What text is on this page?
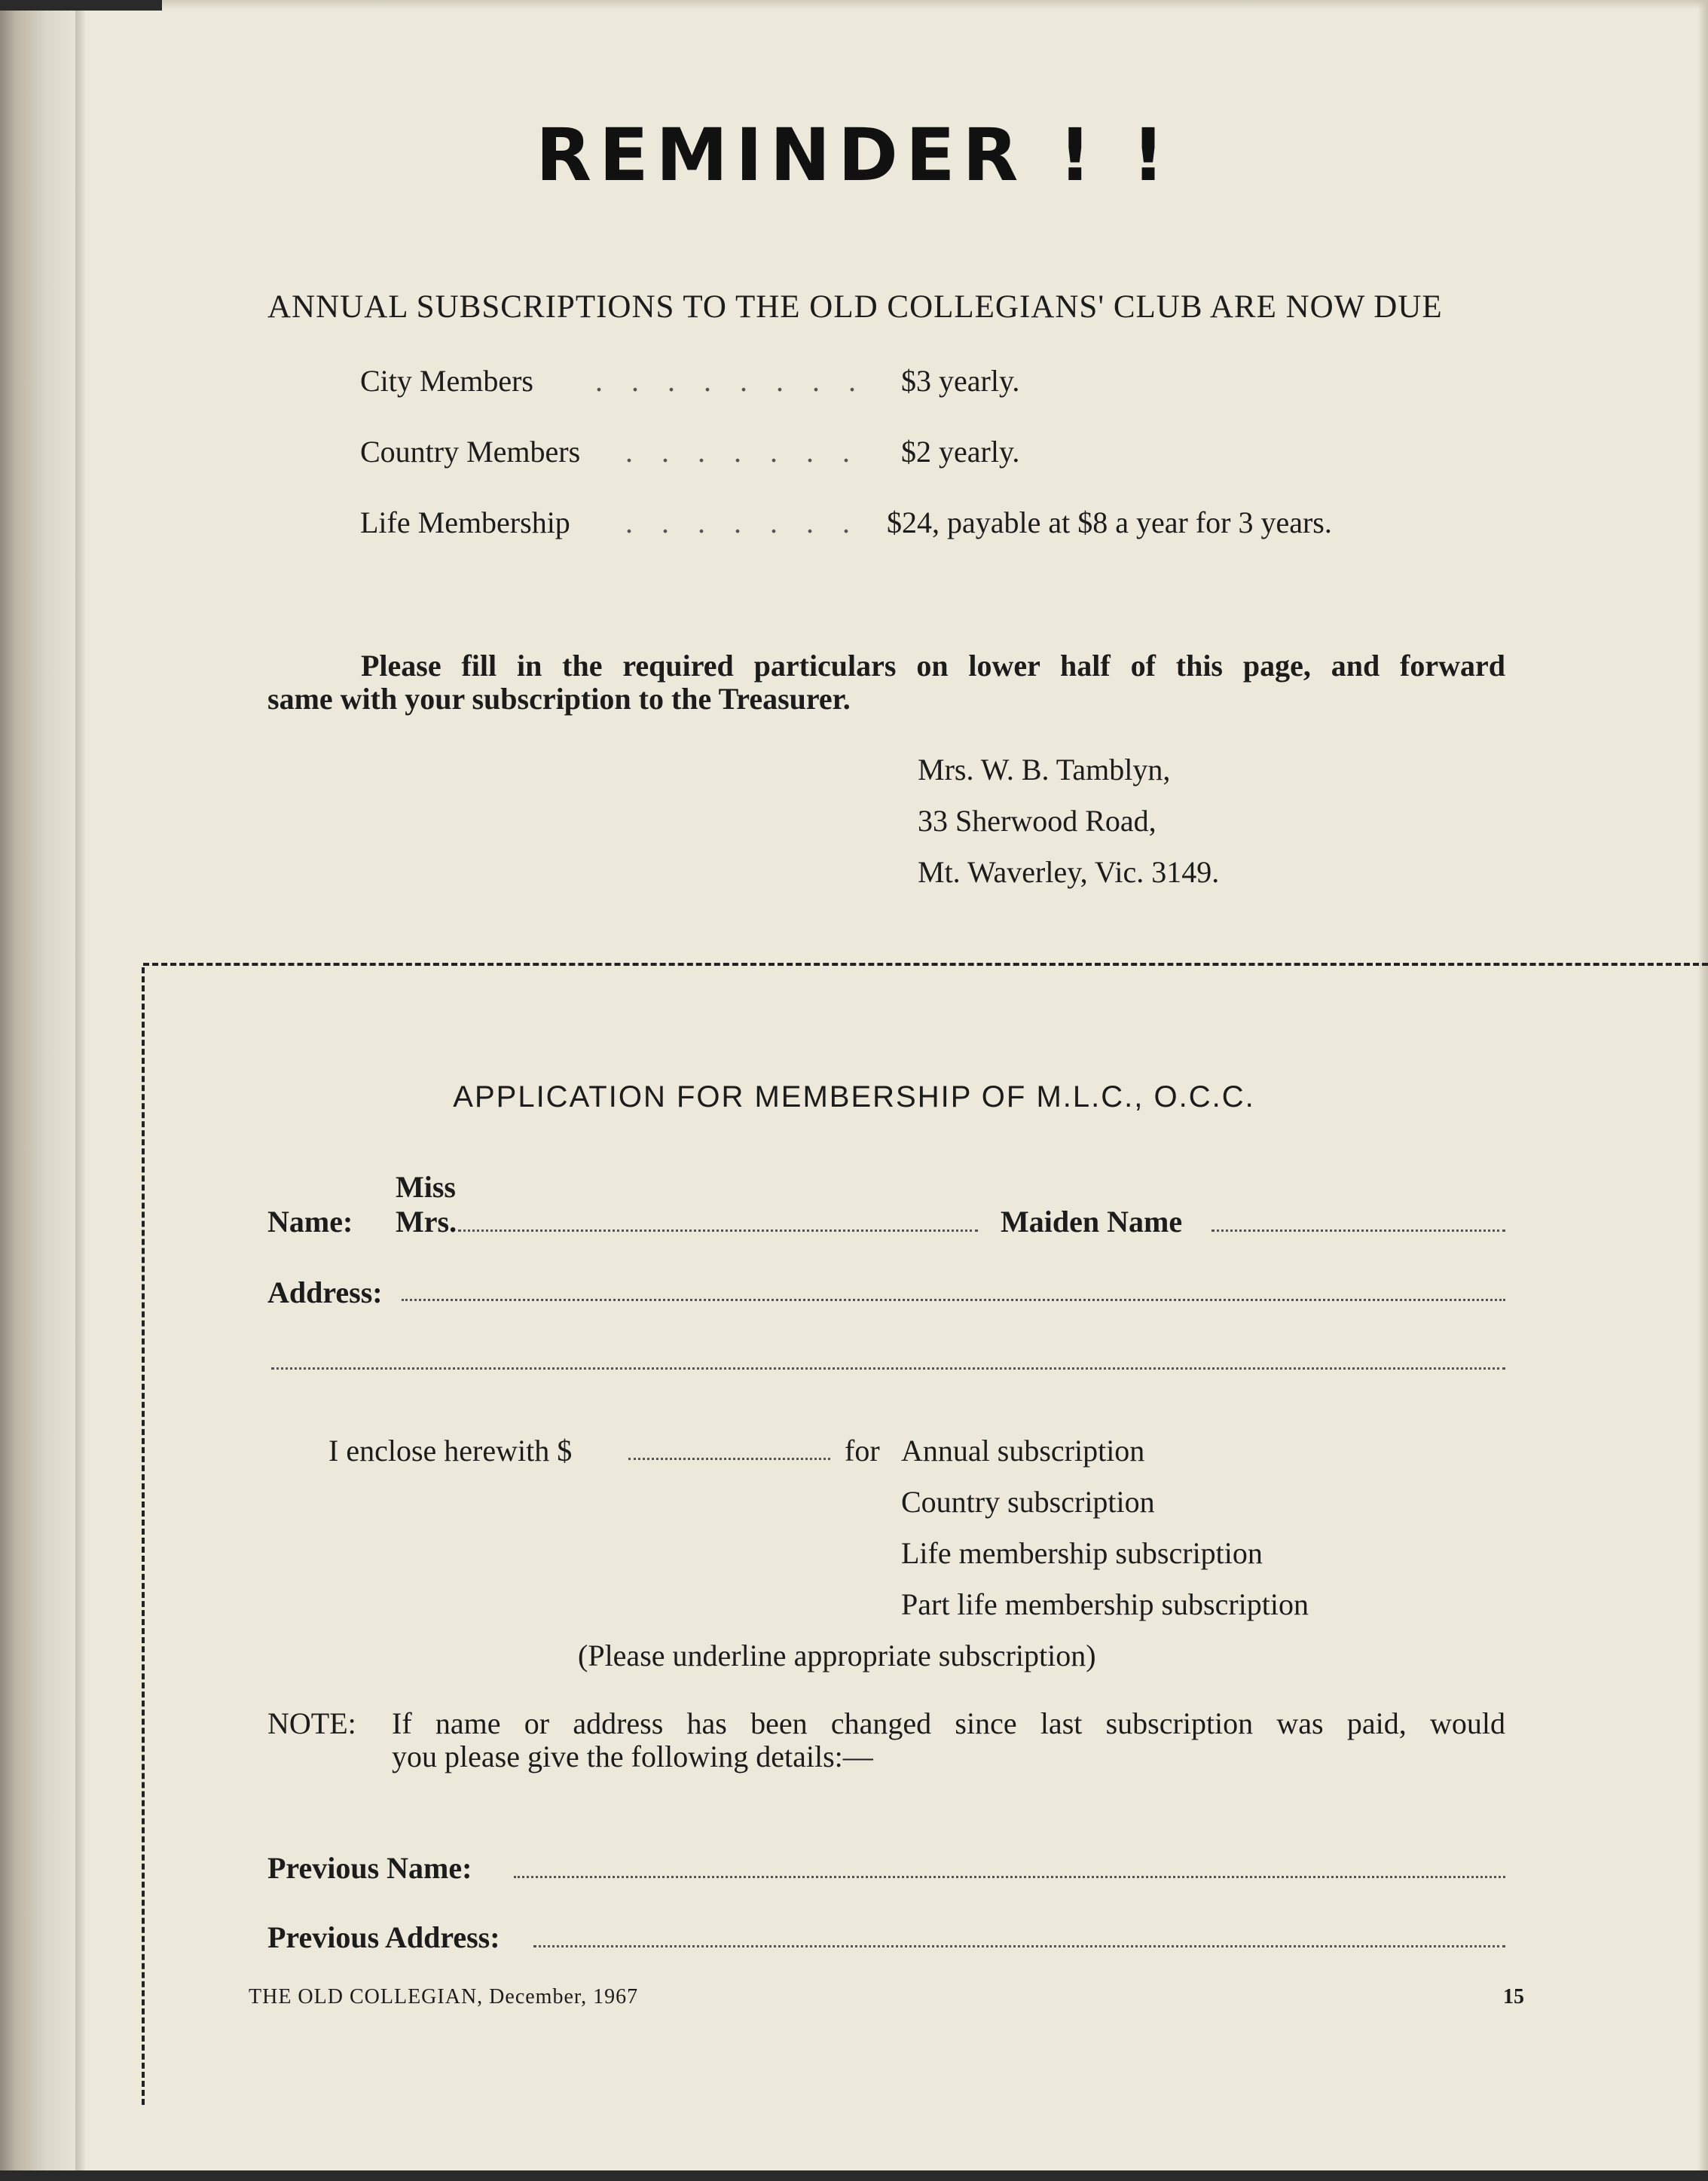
REMINDER ! !
ANNUAL SUBSCRIPTIONS TO THE OLD COLLEGIANS' CLUB ARE NOW DUE
City Members . . . . . . . . $3 yearly.
Country Members . . . . . . . $2 yearly.
Life Membership . . . . . . . $24, payable at $8 a year for 3 years.
Please fill in the required particulars on lower half of this page, and forward
same with your subscription to the Treasurer.
Mrs. W. B. Tamblyn,
33 Sherwood Road,
Mt. Waverley, Vic. 3149.
APPLICATION FOR MEMBERSHIP OF M.L.C., O.C.C.
Miss
Name: Mrs.	Maiden Name
Address:
I enclose herewith $	for Annual subscription
Country subscription
Life membership subscription
Part life membership subscription
(Please underline appropriate subscription)
NOTE: If name or address has been changed since last subscription was paid, would
you please give the following details:—
Previous Name:
Previous Address:
THE OLD COLLEGIAN, December, 1967	15
